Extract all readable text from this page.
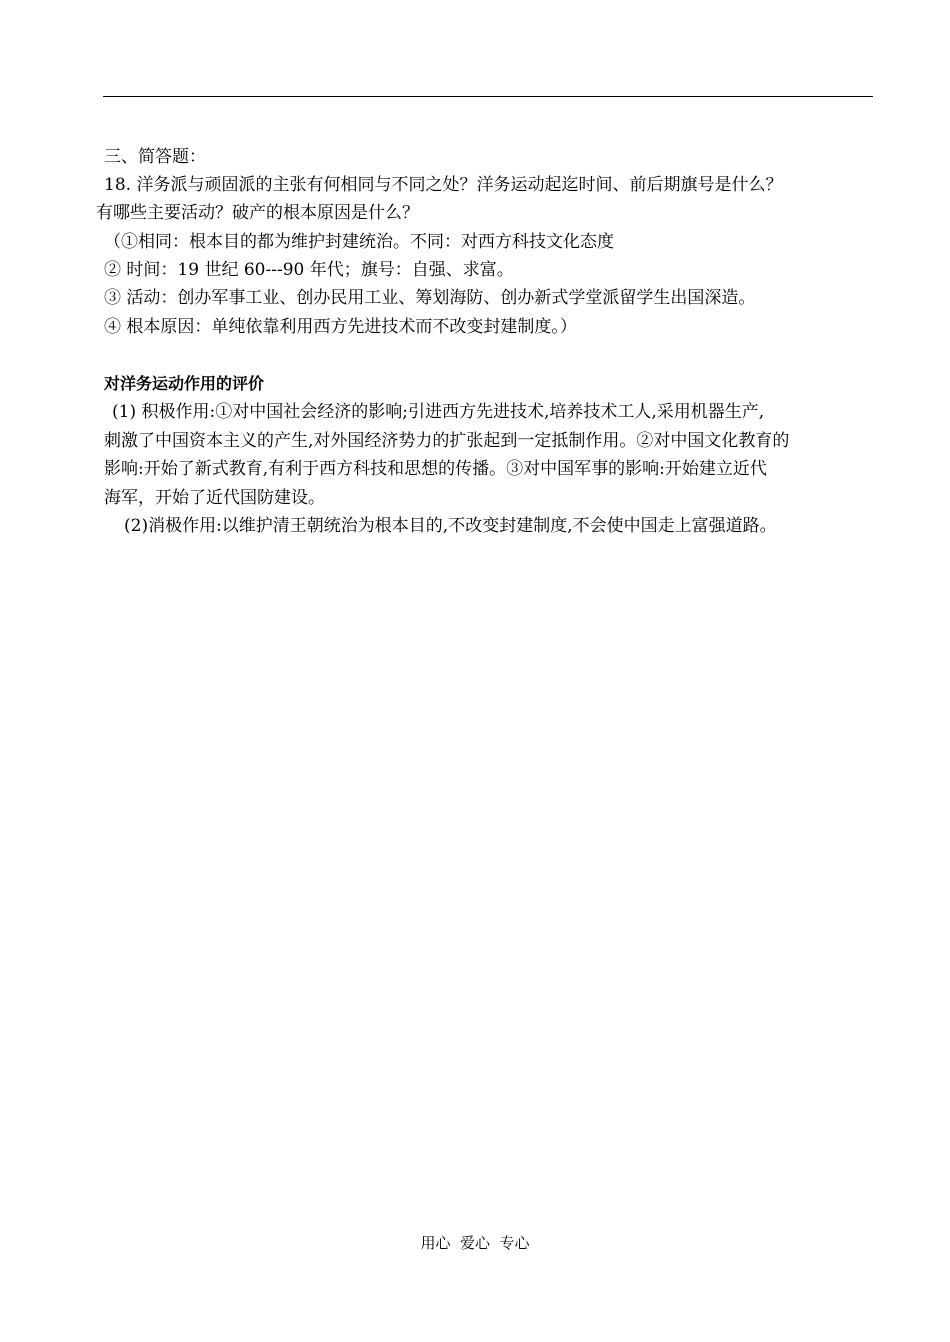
三、简答题：
18. 洋务派与顽固派的主张有何相同与不同之处？洋务运动起迄时间、前后期旗号是什么？
有哪些主要活动？破产的根本原因是什么？
（①相同：根本目的都为维护封建统治。不同：对西方科技文化态度
② 时间：19 世纪 60---90 年代；旗号：自强、求富。
③ 活动：创办军事工业、创办民用工业、筹划海防、创办新式学堂派留学生出国深造。
④ 根本原因：单纯依靠利用西方先进技术而不改变封建制度。）
对洋务运动作用的评价
(1) 积极作用:①对中国社会经济的影响;引进西方先进技术,培养技术工人,采用机器生产,
刺激了中国资本主义的产生,对外国经济势力的扩张起到一定抵制作用。②对中国文化教育的
影响:开始了新式教育,有利于西方科技和思想的传播。③对中国军事的影响:开始建立近代
海军，开始了近代国防建设。
(2)消极作用:以维护清王朝统治为根本目的,不改变封建制度,不会使中国走上富强道路。
用心  爱心  专心
